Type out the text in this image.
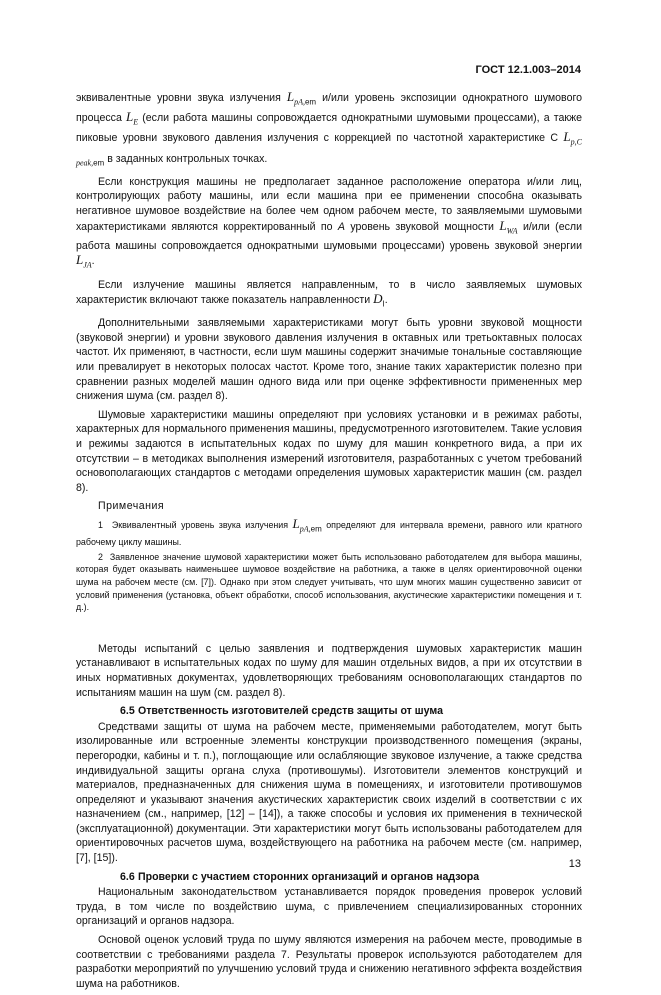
ГОСТ 12.1.003–2014

эквивалентные уровни звука излучения $L_{pA,em}$ и/или уровень экспозиции однократного шумового процесса $L_E$ (если работа машины сопровождается однократными шумовыми процессами), а также пиковые уровни звукового давления излучения с коррекцией по частотной характеристике С $L_{p,C peak,em}$ в заданных контрольных точках.

Если конструкция машины не предполагает заданное расположение оператора и/или лиц, контролирующих работу машины, или если машина при ее применении способна оказывать негативное шумовое воздействие на более чем одном рабочем месте, то заявляемыми шумовыми характеристиками являются корректированный по A уровень звуковой мощности $L_{WA}$ и/или (если работа машины сопровождается однократными шумовыми процессами) уровень звуковой энергии $L_{JA}$.

Если излучение машины является направленным, то в число заявляемых шумовых характеристик включают также показатель направленности $D_I$.

Дополнительными заявляемыми характеристиками могут быть уровни звуковой мощности (звуковой энергии) и уровни звукового давления излучения в октавных или третьоктавных полосах частот. Их применяют, в частности, если шум машины содержит значимые тональные составляющие или превалирует в некоторых полосах частот. Кроме того, знание таких характеристик полезно при сравнении разных моделей машин одного вида или при оценке эффективности примененных мер снижения шума (см. раздел 8).

Шумовые характеристики машины определяют при условиях установки и в режимах работы, характерных для нормального применения машины, предусмотренного изготовителем. Такие условия и режимы задаются в испытательных кодах по шуму для машин конкретного вида, а при их отсутствии – в методиках выполнения измерений изготовителя, разработанных с учетом требований основополагающих стандартов с методами определения шумовых характеристик машин (см. раздел 8).

Примечания

1 Эквивалентный уровень звука излучения $L_{pA,em}$ определяют для интервала времени, равного или кратного рабочему циклу машины.

2 Заявленное значение шумовой характеристики может быть использовано работодателем для выбора машины, которая будет оказывать наименьшее шумовое воздействие на работника, а также в целях ориентировочной оценки шума на рабочем месте (см. [7]). Однако при этом следует учитывать, что шум многих машин существенно зависит от условий применения (установка, объект обработки, способ использования, акустические характеристики помещения и т. д.).

Методы испытаний с целью заявления и подтверждения шумовых характеристик машин устанавливают в испытательных кодах по шуму для машин отдельных видов, а при их отсутствии в иных нормативных документах, удовлетворяющих требованиям основополагающих стандартов по испытаниям машин на шум (см. раздел 8).

6.5 Ответственность изготовителей средств защиты от шума

Средствами защиты от шума на рабочем месте, применяемыми работодателем, могут быть изолированные или встроенные элементы конструкции производственного помещения (экраны, перегородки, кабины и т. п.), поглощающие или ослабляющие звуковое излучение, а также средства индивидуальной защиты органа слуха (противошумы). Изготовители элементов конструкций и материалов, предназначенных для снижения шума в помещениях, и изготовители противошумов определяют и указывают значения акустических характеристик своих изделий в соответствии с их назначением (см., например, [12] – [14]), а также способы и условия их применения в технической (эксплуатационной) документации. Эти характеристики могут быть использованы работодателем для ориентировочных расчетов шума, воздействующего на работника на рабочем месте (см. например, [7], [15]).

6.6 Проверки с участием сторонних организаций и органов надзора

Национальным законодательством устанавливается порядок проведения проверок условий труда, в том числе по воздействию шума, с привлечением специализированных сторонних организаций и органов надзора.

Основой оценок условий труда по шуму являются измерения на рабочем месте, проводимые в соответствии с требованиями раздела 7. Результаты проверок используются работодателем для разработки мероприятий по улучшению условий труда и снижению негативного эффекта воздействия шума на работников.

13
